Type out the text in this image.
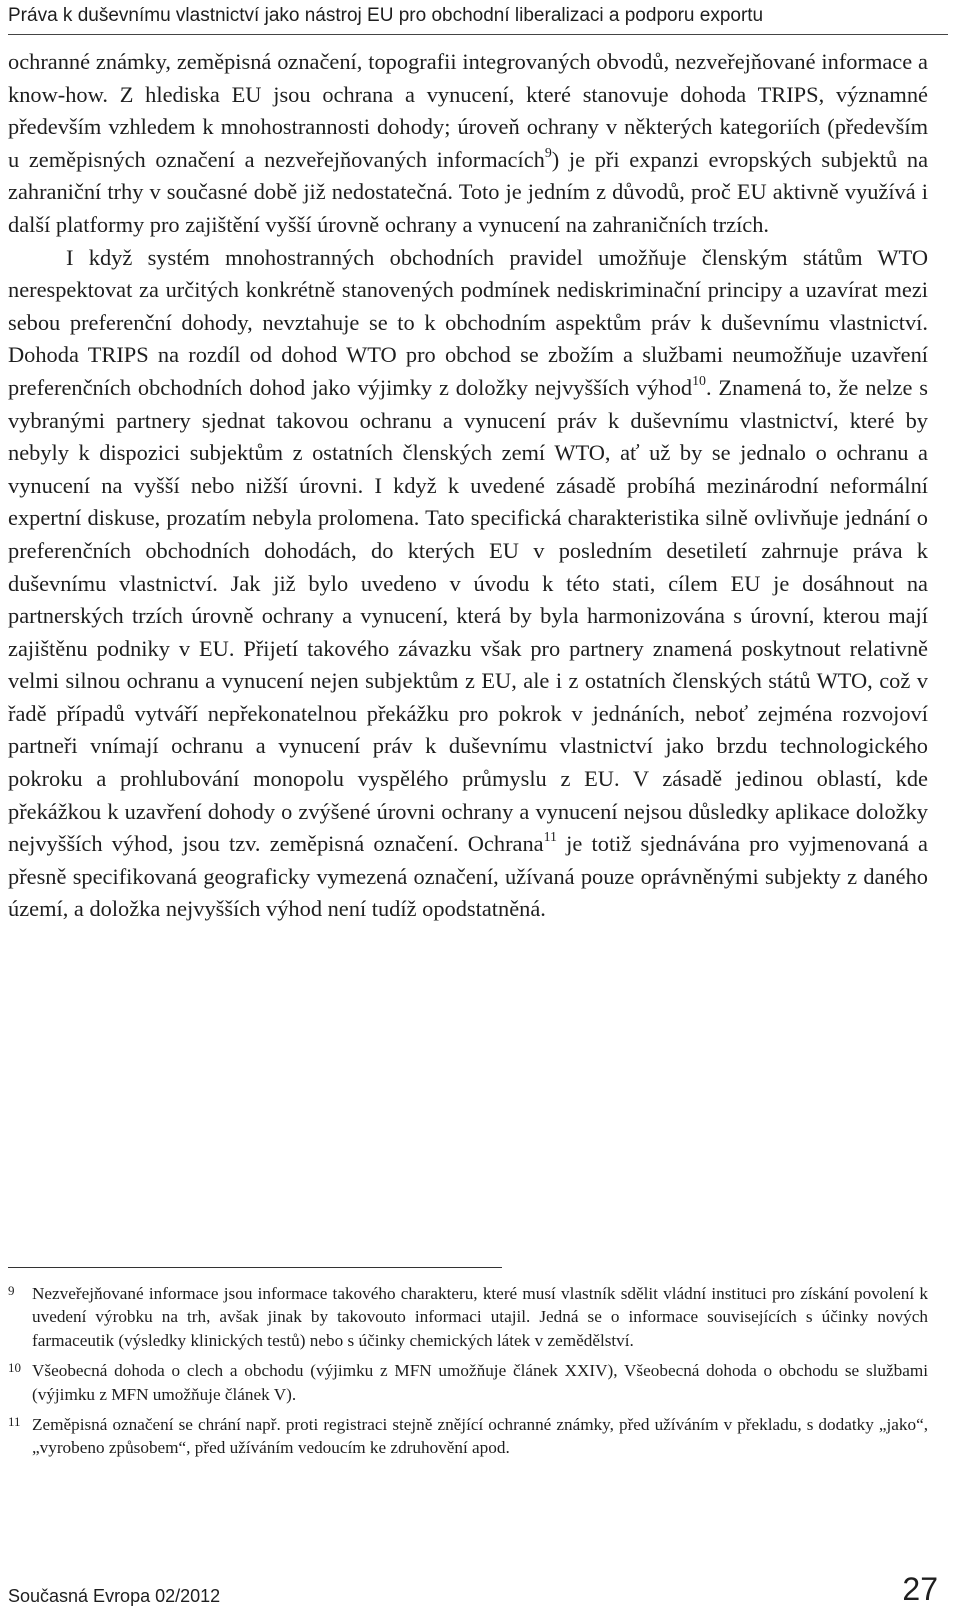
Práva k duševnímu vlastnictví jako nástroj EU pro obchodní liberalizaci a podporu exportu

ochranné známky, zeměpisná označení, topografii integrovaných obvodů, nezveřejňované informace a know-how. Z hlediska EU jsou ochrana a vynucení, které stanovuje dohoda TRIPS, významné především vzhledem k mnohostrannosti dohody; úroveň ochrany v některých kategoriích (především u zeměpisných označení a nezveřejňovaných informacích$^9$) je při expanzi evropských subjektů na zahraniční trhy v současné době již nedostatečná. Toto je jedním z důvodů, proč EU aktivně využívá i další platformy pro zajištění vyšší úrovně ochrany a vynucení na zahraničních trzích.

I když systém mnohostranných obchodních pravidel umožňuje členským státům WTO nerespektovat za určitých konkrétně stanovených podmínek nediskriminační principy a uzavírat mezi sebou preferenční dohody, nevztahuje se to k obchodním aspektům práv k duševnímu vlastnictví. Dohoda TRIPS na rozdíl od dohod WTO pro obchod se zbožím a službami neumožňuje uzavření preferenčních obchodních dohod jako výjimky z doložky nejvyšších výhod$^{10}$. Znamená to, že nelze s vybranými partnery sjednat takovou ochranu a vynucení práv k duševnímu vlastnictví, které by nebyly k dispozici subjektům z ostatních členských zemí WTO, ať už by se jednalo o ochranu a vynucení na vyšší nebo nižší úrovni. I když k uvedené zásadě probíhá mezinárodní neformální expertní diskuse, prozatím nebyla prolomena. Tato specifická charakteristika silně ovlivňuje jednání o preferenčních obchodních dohodách, do kterých EU v posledním desetiletí zahrnuje práva k duševnímu vlastnictví. Jak již bylo uvedeno v úvodu k této stati, cílem EU je dosáhnout na partnerských trzích úrovně ochrany a vynucení, která by byla harmonizována s úrovní, kterou mají zajištěnu podniky v EU. Přijetí takového závazku však pro partnery znamená poskytnout relativně velmi silnou ochranu a vynucení nejen subjektům z EU, ale i z ostatních členských států WTO, což v řadě případů vytváří nepřekonatelnou překážku pro pokrok v jednáních, neboť zejména rozvojoví partneři vnímají ochranu a vynucení práv k duševnímu vlastnictví jako brzdu technologického pokroku a prohlubování monopolu vyspělého průmyslu z EU. V zásadě jedinou oblastí, kde překážkou k uzavření dohody o zvýšené úrovni ochrany a vynucení nejsou důsledky aplikace doložky nejvyšších výhod, jsou tzv. zeměpisná označení. Ochrana$^{11}$ je totiž sjednávána pro vyjmenovaná a přesně specifikovaná geograficky vymezená označení, užívaná pouze oprávněnými subjekty z daného území, a doložka nejvyšších výhod není tudíž opodstatněná.

9 Nezveřejňované informace jsou informace takového charakteru, které musí vlastník sdělit vládní instituci pro získání povolení k uvedení výrobku na trh, avšak jinak by takovouto informaci utajil. Jedná se o informace souvisejících s účinky nových farmaceutik (výsledky klinických testů) nebo s účinky chemických látek v zemědělství.
10 Všeobecná dohoda o clech a obchodu (výjimku z MFN umožňuje článek XXIV), Všeobecná dohoda o obchodu se službami (výjimku z MFN umožňuje článek V).
11 Zeměpisná označení se chrání např. proti registraci stejně znějící ochranné známky, před užíváním v překladu, s dodatky „jako“, „vyrobeno způsobem“, před užíváním vedoucím ke zdruhovění apod.
Současná Evropa 02/2012	27
